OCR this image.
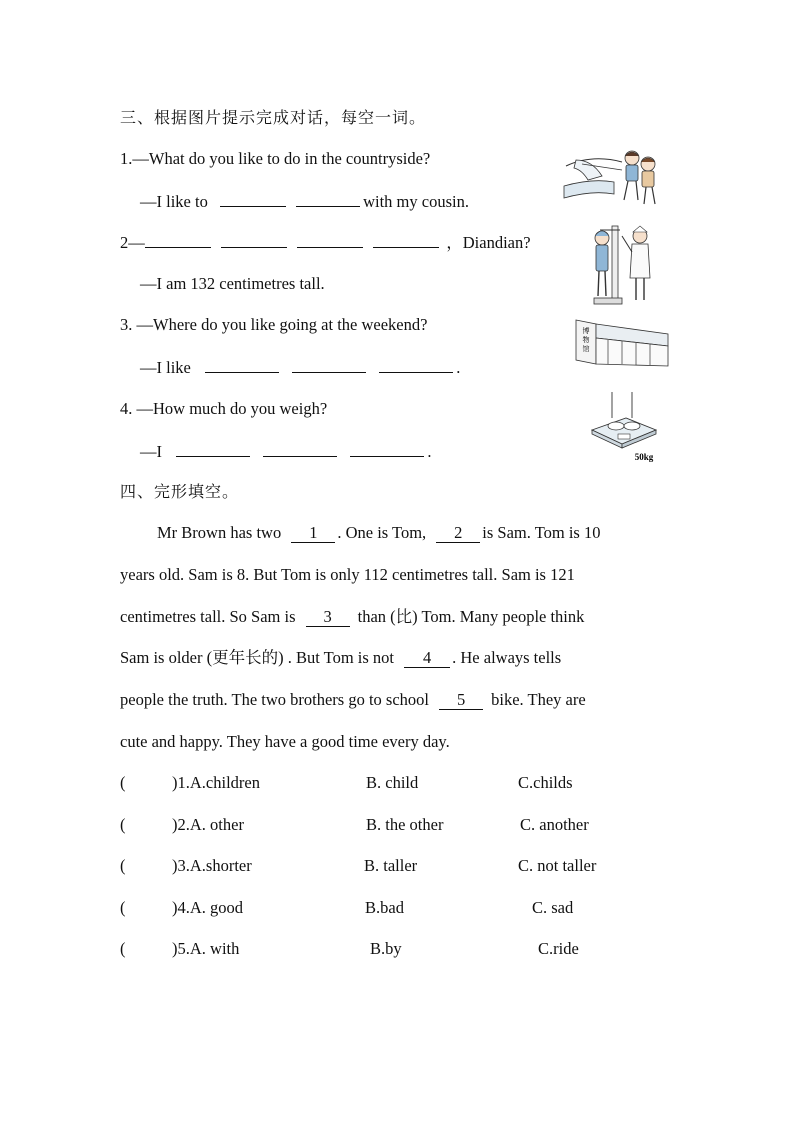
三、根据图片提示完成对话，每空一词。
1.—What do you like to do in the countryside?
—I like to	with my cousin.
2—	，Diandian?
—I am 132 centimetres tall.
3. —Where do you like going at the weekend?
—I like	.
4. —How much do you weigh?
—I	.
博
物
馆
50kg
四、完形填空。
Mr Brown has two 1 . One is Tom, 2 is Sam. Tom is 10
years old. Sam is 8. But Tom is only 112 centimetres tall. Sam is 121
centimetres tall. So Sam is 3 than (比) Tom. Many people think
Sam is older (更年长的) . But Tom is not 4 . He always tells
people the truth. The two brothers go to school 5 bike. They are
cute and happy. They have a good time every day.
(	)1.A.children	B. child	C.childs
(	)2.A. other	B. the other	C. another
(	)3.A.shorter	B. taller	C. not taller
(	)4.A. good	B.bad	C. sad
(	)5.A. with	B.by	C.ride
